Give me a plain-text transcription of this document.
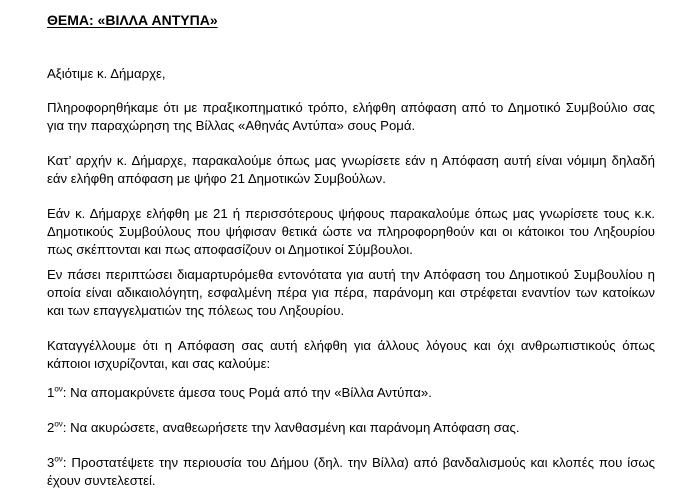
ΘΕΜΑ: «ΒΙΛΛΑ ΑΝΤΥΠΑ»

Αξιότιμε κ. Δήμαρχε,

Πληροφορηθήκαμε ότι με πραξικοπηματικό τρόπο, ελήφθη απόφαση από το Δημοτικό Συμβούλιο σας για την παραχώρηση της Βίλλας «Αθηνάς Αντύπα» σους Ρομά.

Κατ’ αρχήν κ. Δήμαρχε, παρακαλούμε όπως μας γνωρίσετε εάν η Απόφαση αυτή είναι νόμιμη δηλαδή εάν ελήφθη απόφαση με ψήφο 21 Δημοτικών Συμβούλων.

Εάν κ. Δήμαρχε ελήφθη με 21 ή περισσότερους ψήφους παρακαλούμε όπως μας γνωρίσετε τους κ.κ. Δημοτικούς Συμβούλους που ψήφισαν θετικά ώστε να πληροφορηθούν και οι κάτοικοι του Ληξουρίου πως σκέπτονται και πως αποφασίζουν οι Δημοτικοί Σύμβουλοι.

Εν πάσει περιπτώσει διαμαρτυρόμεθα εντονότατα για αυτή την Απόφαση του Δημοτικού Συμβουλίου η οποία είναι αδικαιολόγητη, εσφαλμένη πέρα για πέρα, παράνομη και στρέφεται εναντίον των κατοίκων και των επαγγελματιών της πόλεως του Ληξουρίου.

Καταγγέλλουμε ότι η Απόφαση σας αυτή ελήφθη για άλλους λόγους και όχι ανθρωπιστικούς όπως κάποιοι ισχυρίζονται, και σας καλούμε:

$1^{o\nu}$: Να απομακρύνετε άμεσα τους Ρομά από την «Βίλλα Αντύπα».

$2^{o\nu}$: Να ακυρώσετε, αναθεωρήσετε την λανθασμένη και παράνομη Απόφαση σας.

$3^{o\nu}$: Προστατέψετε την περιουσία του Δήμου (δηλ. την Βίλλα) από βανδαλισμούς και κλοπές που ίσως έχουν συντελεστεί.
